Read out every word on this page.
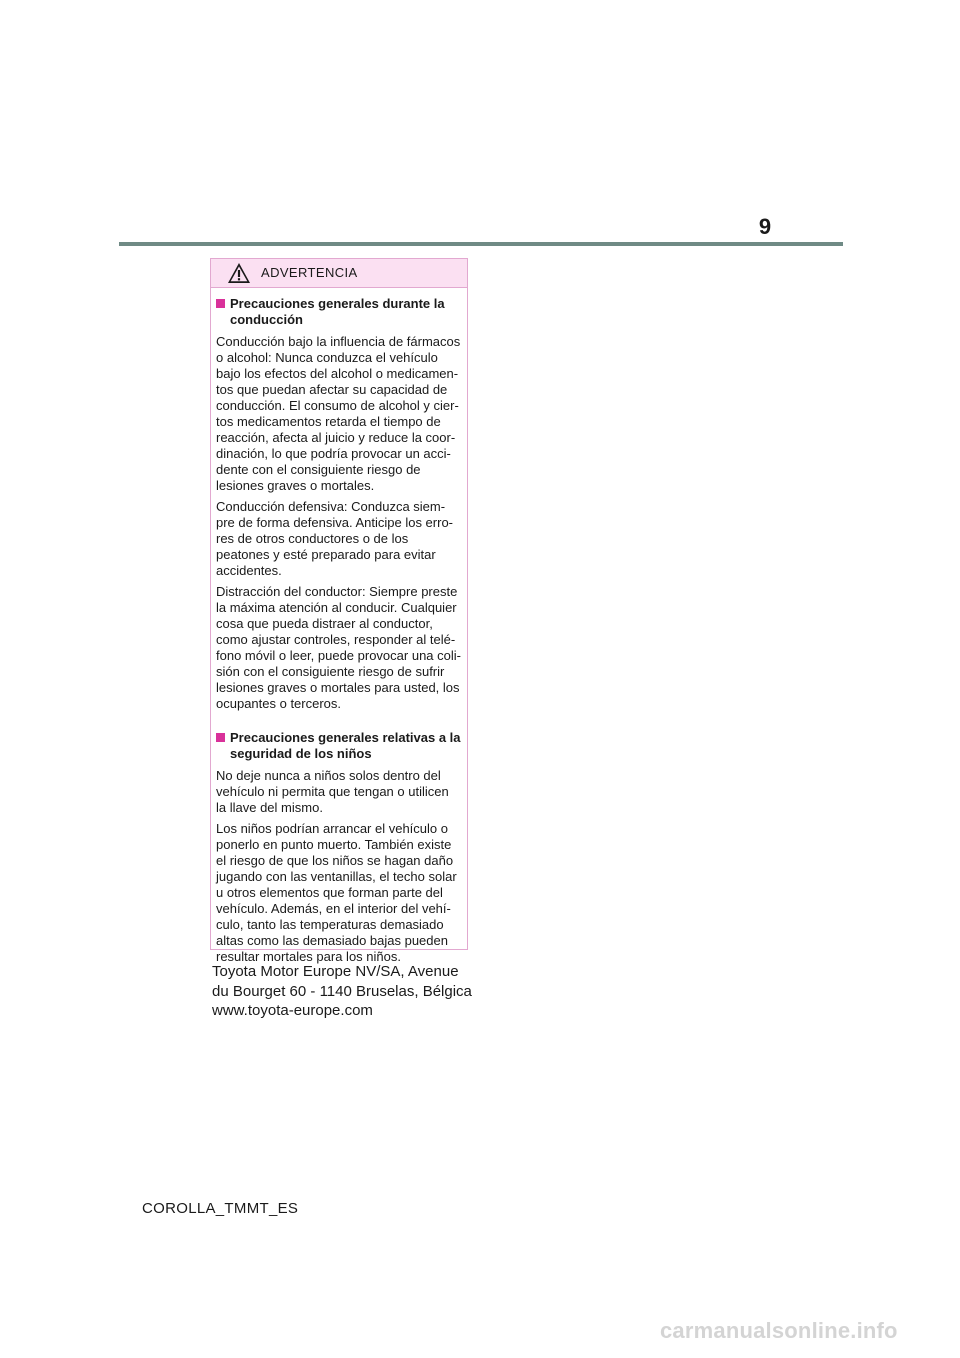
9
ADVERTENCIA
Precauciones generales durante la conducción

Conducción bajo la influencia de fármacos o alcohol: Nunca conduzca el vehículo bajo los efectos del alcohol o medicamen-tos que puedan afectar su capacidad de conducción. El consumo de alcohol y cier-tos medicamentos retarda el tiempo de reacción, afecta al juicio y reduce la coor-dinación, lo que podría provocar un acci-dente con el consiguiente riesgo de lesiones graves o mortales.

Conducción defensiva: Conduzca siem-pre de forma defensiva. Anticipe los erro-res de otros conductores o de los peatones y esté preparado para evitar accidentes.

Distracción del conductor: Siempre preste la máxima atención al conducir. Cualquier cosa que pueda distraer al conductor, como ajustar controles, responder al telé-fono móvil o leer, puede provocar una coli-sión con el consiguiente riesgo de sufrir lesiones graves o mortales para usted, los ocupantes o terceros.

Precauciones generales relativas a la seguridad de los niños

No deje nunca a niños solos dentro del vehículo ni permita que tengan o utilicen la llave del mismo.

Los niños podrían arrancar el vehículo o ponerlo en punto muerto. También existe el riesgo de que los niños se hagan daño jugando con las ventanillas, el techo solar u otros elementos que forman parte del vehículo. Además, en el interior del vehí-culo, tanto las temperaturas demasiado altas como las demasiado bajas pueden resultar mortales para los niños.

Toyota Motor Europe NV/SA, Avenue
du Bourget 60 - 1140 Bruselas, Bélgica
www.toyota-europe.com
COROLLA_TMMT_ES
carmanualsonline.info
